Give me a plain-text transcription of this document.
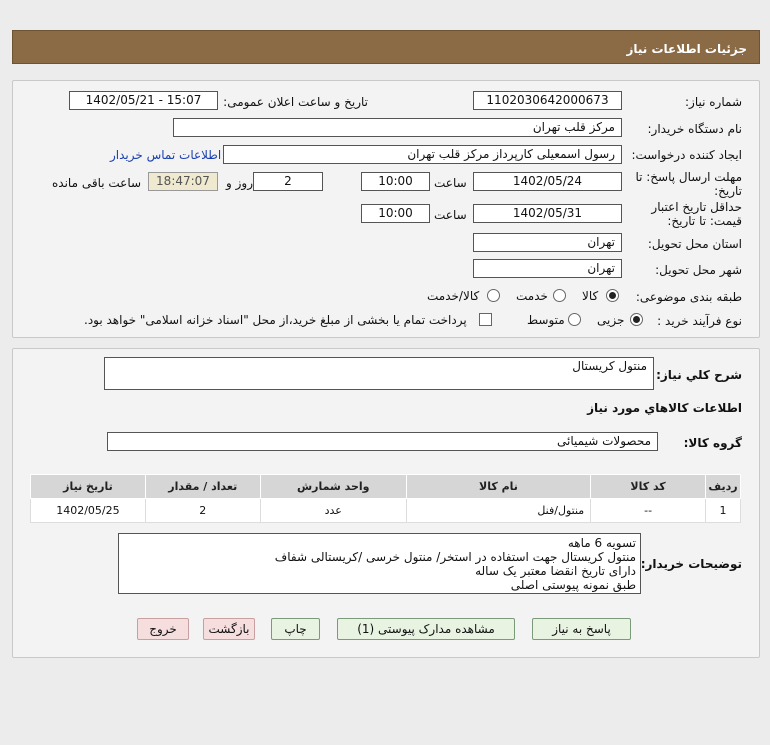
جزئیات اطلاعات نیاز
شماره نیاز:
1102030642000673
تاریخ و ساعت اعلان عمومی:
1402/05/21 - 15:07
نام دستگاه خریدار:
مرکز قلب تهران
ایجاد کننده درخواست:
رسول اسمعیلی کارپرداز مرکز قلب تهران
اطلاعات تماس خریدار
مهلت ارسال پاسخ: تا
تاریخ:
1402/05/24
ساعت
10:00
2
روز و
18:47:07
ساعت باقی مانده
حداقل تاریخ اعتبار
قیمت: تا تاریخ:
1402/05/31
ساعت
10:00
استان محل تحویل:
تهران
شهر محل تحویل:
تهران
طبقه بندی موضوعی:
کالا
خدمت
کالا/خدمت
نوع فرآیند خرید :
جزیی
متوسط
پرداخت تمام یا بخشی از مبلغ خرید،از محل "اسناد خزانه اسلامی" خواهد بود.
شرح کلي نياز:
منتول کریستال
اطلاعات کالاهاي مورد نياز
گروه کالا:
محصولات شیمیائی
ردیف	کد کالا	نام کالا	واحد شمارش	تعداد / مقدار	تاریخ نیاز
1	--	منتول/فنل	عدد	2	1402/05/25
توضیحات خریدار:
تسویه 6 ماهه
منتول کریستال جهت استفاده در استخر/ منتول خرسی /کریستالی شفاف
دارای تاریخ انقضا معتبر یک ساله
طبق نمونه پیوستی اصلی
پاسخ به نیاز
مشاهده مدارک پیوستی (1)
چاپ
بازگشت
خروج
